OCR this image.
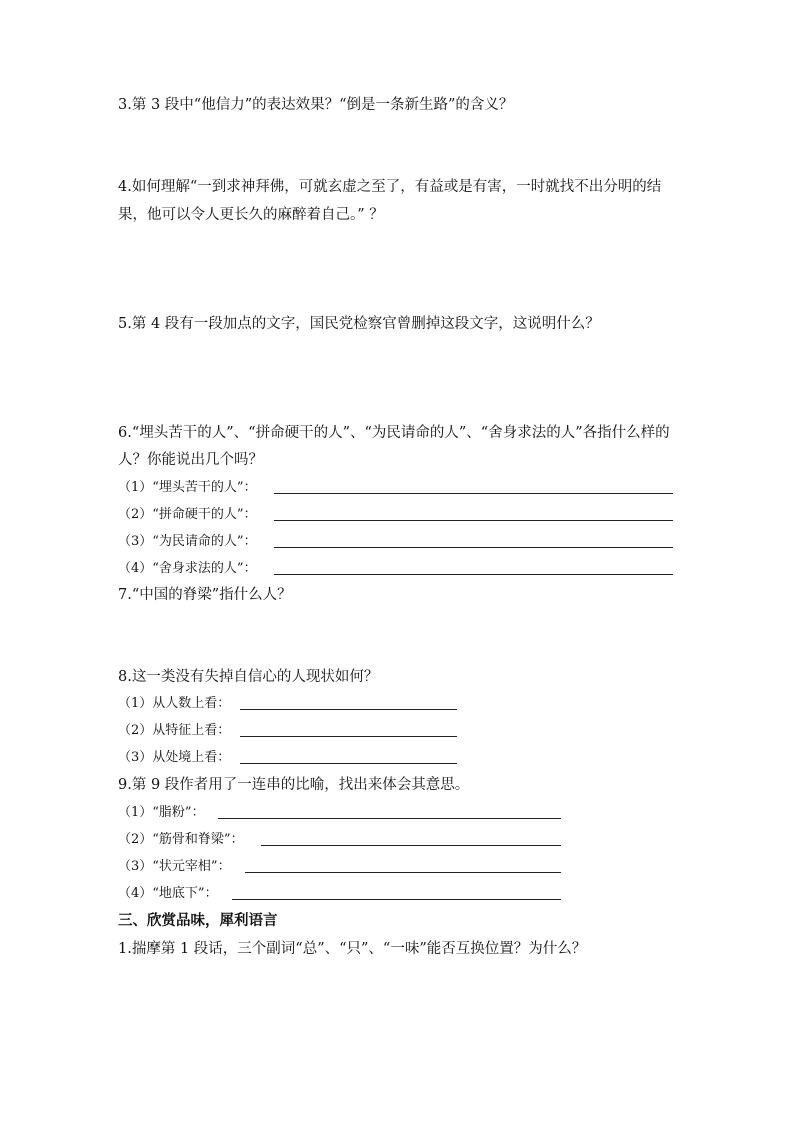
3.第 3 段中“他信力”的表达效果？“倒是一条新生路”的含义？
4.如何理解“一到求神拜佛，可就玄虚之至了，有益或是有害，一时就找不出分明的结
果，他可以令人更长久的麻醉着自己。” ？
5.第 4 段有一段加点的文字，国民党检察官曾删掉这段文字，这说明什么？
6.“埋头苦干的人”、“拼命硬干的人”、“为民请命的人”、“舍身求法的人”各指什么样的
人？你能说出几个吗？
（1）“埋头苦干的人”：
（2）“拼命硬干的人”：
（3）“为民请命的人”：
（4）“舍身求法的人”：
7.“中国的脊梁”指什么人？
8.这一类没有失掉自信心的人现状如何？
（1）从人数上看：
（2）从特征上看：
（3）从处境上看：
9.第 9 段作者用了一连串的比喻，找出来体会其意思。
（1）“脂粉”：
（2）“筋骨和脊梁”：
（3）“状元宰相”：
（4）“地底下”：
三、欣赏品味，犀利语言
1.揣摩第 1 段话，三个副词“总”、“只”、“一味”能否互换位置？为什么？
